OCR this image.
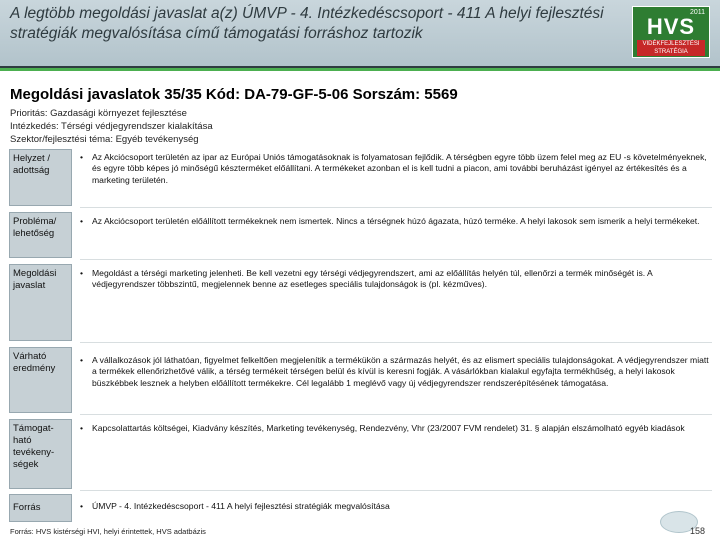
A legtöbb megoldási javaslat a(z) ÚMVP - 4. Intézkedéscsoport - 411 A helyi fejlesztési stratégiák megvalósítása című támogatási forráshoz tartozik
2011
HVS
VIDÉKFEJLESZTÉSI STRATÉGIA
Megoldási javaslatok 35/35 Kód: DA-79-GF-5-06 Sorszám: 5569
Prioritás: Gazdasági környezet fejlesztése
Intézkedés: Térségi védjegyrendszer kialakítása
Szektor/fejlesztési téma: Egyéb tevékenység
Helyzet / adottság
•	Az Akciócsoport területén az ipar az Európai Uniós támogatásoknak is folyamatosan fejlődik. A térségben egyre több üzem felel meg az EU -s követelményeknek, és egyre több képes jó minőségű készterméket előállítani. A termékeket azonban el is kell tudni a piacon, ami további beruházást igényel az értékesítés és a marketing területén.
Probléma/ lehetőség
•	Az Akciócsoport területén előállított termékeknek nem ismertek. Nincs a térségnek húzó ágazata, húzó terméke. A helyi lakosok sem ismerik a helyi termékeket.
Megoldási javaslat
•	Megoldást a térségi marketing jelenheti. Be kell vezetni egy térségi védjegyrendszert, ami az előállítás helyén túl, ellenőrzi a termék minőségét is. A védjegyrendszer többszintű, megjelennek benne az esetleges speciális tulajdonságok is (pl. kézműves).
Várható eredmény
•	A vállalkozások jól láthatóan, figyelmet felkeltően megjelenítik a termékükön a származás helyét, és az elismert speciális tulajdonságokat. A védjegyrendszer miatt a termékek ellenőrizhetővé válik, a térség termékeit térségen belül és kívül is keresni fogják. A vásárlókban kialakul egyfajta termékhűség, a helyi lakosok büszkébbek lesznek a helyben előállított termékekre. Cél legalább 1 meglévő vagy új védjegyrendszer rendszerépítésének támogatása.
Támogat-ható tevékeny-ségek
•	Kapcsolattartás költségei, Kiadvány készítés, Marketing tevékenység, Rendezvény, Vhr (23/2007 FVM rendelet) 31. § alapján elszámolható egyéb kiadások
Forrás	•	ÚMVP - 4. Intézkedéscsoport - 411 A helyi fejlesztési stratégiák megvalósítása
Forrás: HVS kistérségi HVI, helyi érintettek, HVS adatbázis	158
